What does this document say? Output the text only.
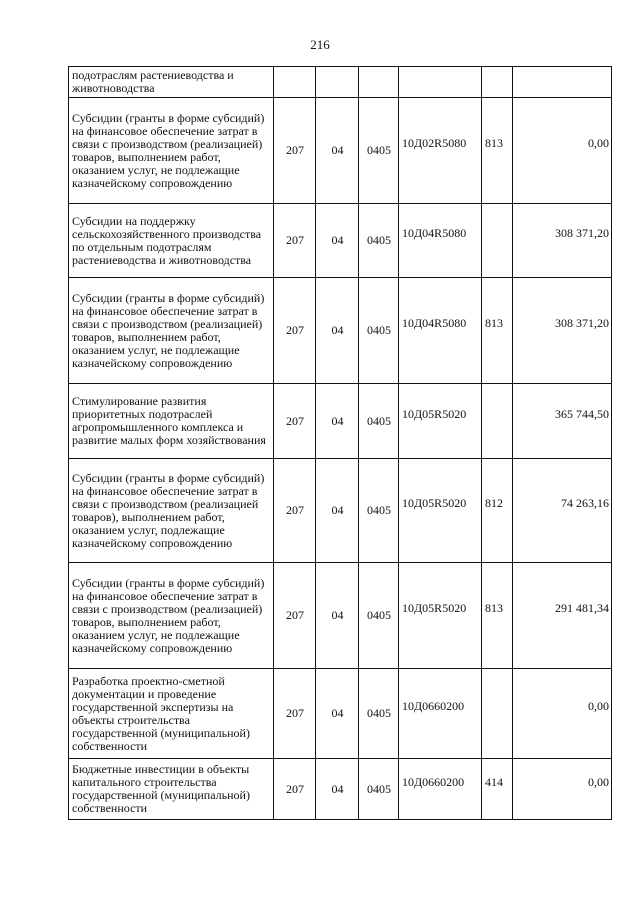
216
подотраслям растениеводства и животноводства						
Субсидии (гранты в форме субсидий) на финансовое обеспечение затрат в связи с производством (реализацией) товаров, выполнением работ, оказанием услуг, не подлежащие казначейскому сопровождению	207	04	0405	10Д02R5080	813	0,00
Субсидии на поддержку сельскохозяйственного производства по отдельным подотраслям растениеводства и животноводства	207	04	0405	10Д04R5080		308 371,20
Субсидии (гранты в форме субсидий) на финансовое обеспечение затрат в связи с производством (реализацией) товаров, выполнением работ, оказанием услуг, не подлежащие казначейскому сопровождению	207	04	0405	10Д04R5080	813	308 371,20
Стимулирование развития приоритетных подотраслей агропромышленного комплекса и развитие малых форм хозяйствования	207	04	0405	10Д05R5020		365 744,50
Субсидии (гранты в форме субсидий) на финансовое обеспечение затрат в связи с производством (реализацией товаров), выполнением работ, оказанием услуг, подлежащие казначейскому сопровождению	207	04	0405	10Д05R5020	812	74 263,16
Субсидии (гранты в форме субсидий) на финансовое обеспечение затрат в связи с производством (реализацией) товаров, выполнением работ, оказанием услуг, не подлежащие казначейскому сопровождению	207	04	0405	10Д05R5020	813	291 481,34
Разработка проектно-сметной документации и проведение государственной экспертизы на объекты строительства государственной (муниципальной) собственности	207	04	0405	10Д0660200		0,00
Бюджетные инвестиции в объекты капитального строительства государственной (муниципальной) собственности	207	04	0405	10Д0660200	414	0,00
